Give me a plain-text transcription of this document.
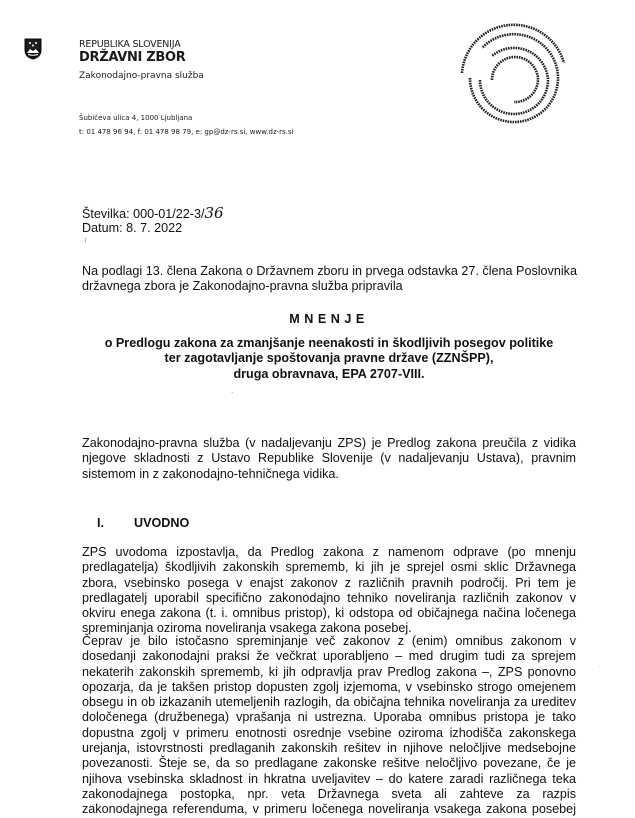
REPUBLIKA SLOVENIJA
DRŽAVNI ZBOR
Zakonodajno-pravna služba
Šubičeva ulica 4, 1000 Ljubljana
t: 01 478 96 94, f: 01 478 98 79, e: gp@dz-rs.si, www.dz-rs.si
Številka: 000-01/22-3/36
Datum: 8. 7. 2022
⁝
Na podlagi 13. člena Zakona o Državnem zboru in prvega odstavka 27. člena Poslovnika
državnega zbora je Zakonodajno-pravna služba pripravila
MNENJE
o Predlogu zakona za zmanjšanje neenakosti in škodljivih posegov politike
ter zagotavljanje spoštovanja pravne države (ZZNŠPP),
druga obravnava, EPA 2707-VIII.
ˋ
Zakonodajno-pravna služba (v nadaljevanju ZPS) je Predlog zakona preučila z vidika
njegove skladnosti z Ustavo Republike Slovenije (v nadaljevanju Ustava), pravnim
sistemom in z zakonodajno-tehničnega vidika.
I. UVODNO
ZPS uvodoma izpostavlja, da Predlog zakona z namenom odprave (po mnenju
predlagatelja) škodljivih zakonskih sprememb, ki jih je sprejel osmi sklic Državnega
zbora, vsebinsko posega v enajst zakonov z različnih pravnih področij. Pri tem je
predlagatelj uporabil specifično zakonodajno tehniko noveliranja različnih zakonov v
okviru enega zakona (t. i. omnibus pristop), ki odstopa od običajnega načina ločenega
spreminjanja oziroma noveliranja vsakega zakona posebej.
Čeprav je bilo istočasno spreminjanje več zakonov z (enim) omnibus zakonom v
dosedanji zakonodajni praksi že večkrat uporabljeno – med drugim tudi za sprejem
nekaterih zakonskih sprememb, ki jih odpravlja prav Predlog zakona –, ZPS ponovno
opozarja, da je takšen pristop dopusten zgolj izjemoma, v vsebinsko strogo omejenem
obsegu in ob izkazanih utemeljenih razlogih, da običajna tehnika noveliranja za ureditev
določenega (družbenega) vprašanja ni ustrezna. Uporaba omnibus pristopa je tako
dopustna zgolj v primeru enotnosti osrednje vsebine oziroma izhodišča zakonskega
urejanja, istovrstnosti predlaganih zakonskih rešitev in njihove neločljive medsebojne
povezanosti. Šteje se, da so predlagane zakonske rešitve neločljivo povezane, če je
njihova vsebinska skladnost in hkratna uveljavitev – do katere zaradi različnega teka
zakonodajnega postopka, npr. veta Državnega sveta ali zahteve za razpis
zakonodajnega referenduma, v primeru ločenega noveliranja vsakega zakona posebej
·
